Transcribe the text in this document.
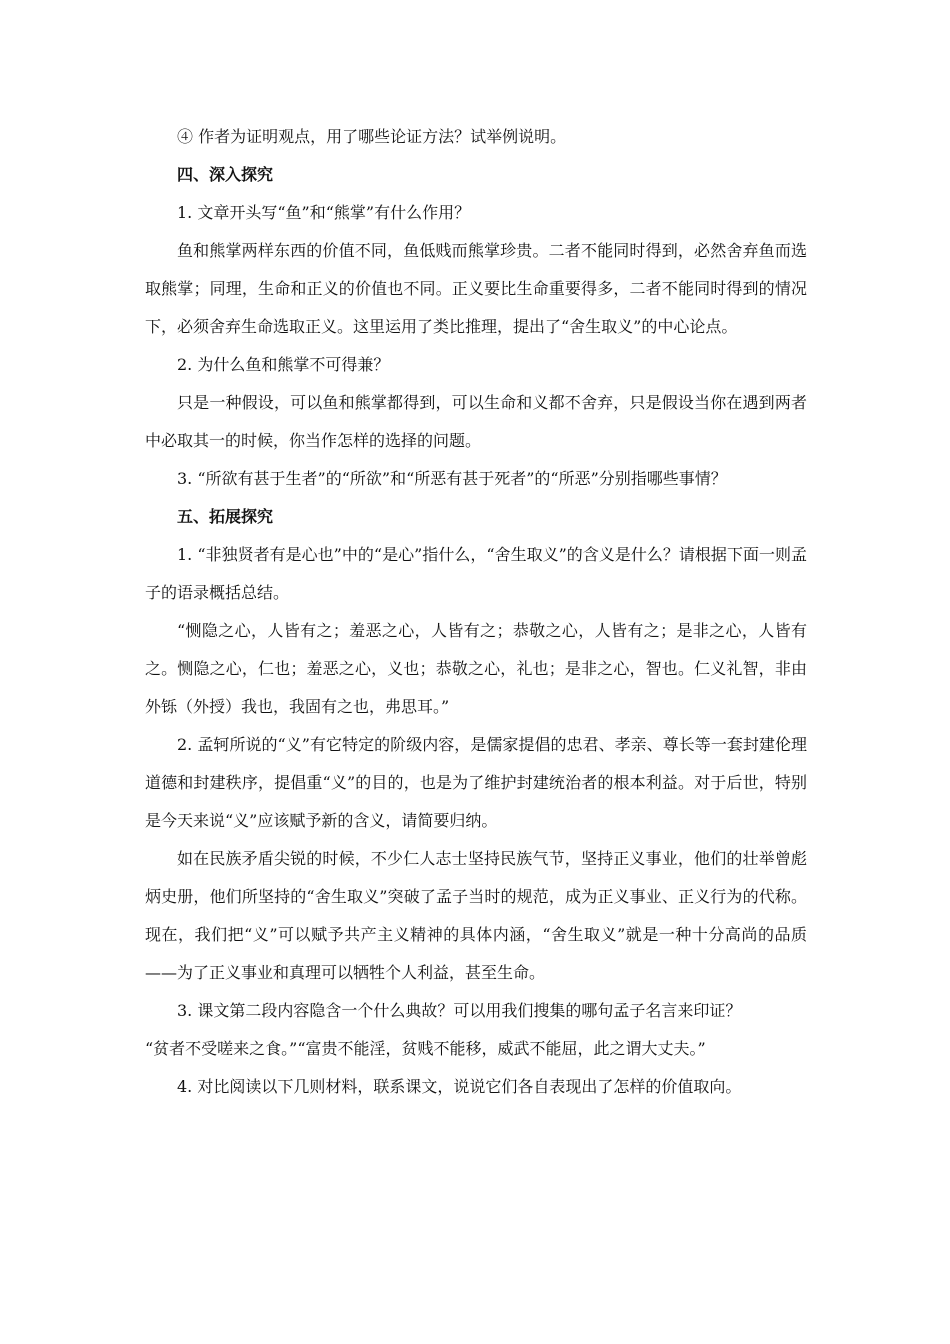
④ 作者为证明观点，用了哪些论证方法？试举例说明。

四、深入探究

1. 文章开头写“鱼”和“熊掌”有什么作用？

鱼和熊掌两样东西的价值不同，鱼低贱而熊掌珍贵。二者不能同时得到，必然舍弃鱼而选取熊掌；同理，生命和正义的价值也不同。正义要比生命重要得多，二者不能同时得到的情况下，必须舍弃生命选取正义。这里运用了类比推理，提出了“舍生取义”的中心论点。

2. 为什么鱼和熊掌不可得兼？

只是一种假设，可以鱼和熊掌都得到，可以生命和义都不舍弃，只是假设当你在遇到两者中必取其一的时候，你当作怎样的选择的问题。

3. “所欲有甚于生者”的“所欲”和“所恶有甚于死者”的“所恶”分别指哪些事情？

五、拓展探究

1. “非独贤者有是心也”中的“是心”指什么，“舍生取义”的含义是什么？请根据下面一则孟子的语录概括总结。

“恻隐之心，人皆有之；羞恶之心，人皆有之；恭敬之心，人皆有之；是非之心，人皆有之。恻隐之心，仁也；羞恶之心，义也；恭敬之心，礼也；是非之心，智也。仁义礼智，非由外铄（外授）我也，我固有之也，弗思耳。”

2. 孟轲所说的“义”有它特定的阶级内容，是儒家提倡的忠君、孝亲、尊长等一套封建伦理道德和封建秩序，提倡重“义”的目的，也是为了维护封建统治者的根本利益。对于后世，特别是今天来说“义”应该赋予新的含义，请简要归纳。

如在民族矛盾尖锐的时候，不少仁人志士坚持民族气节，坚持正义事业，他们的壮举曾彪炳史册，他们所坚持的“舍生取义”突破了孟子当时的规范，成为正义事业、正义行为的代称。现在，我们把“义”可以赋予共产主义精神的具体内涵，“舍生取义”就是一种十分高尚的品质——为了正义事业和真理可以牺牲个人利益，甚至生命。

3. 课文第二段内容隐含一个什么典故？可以用我们搜集的哪句孟子名言来印证？

“贫者不受嗟来之食。”“富贵不能淫，贫贱不能移，威武不能屈，此之谓大丈夫。”

4. 对比阅读以下几则材料，联系课文，说说它们各自表现出了怎样的价值取向。
